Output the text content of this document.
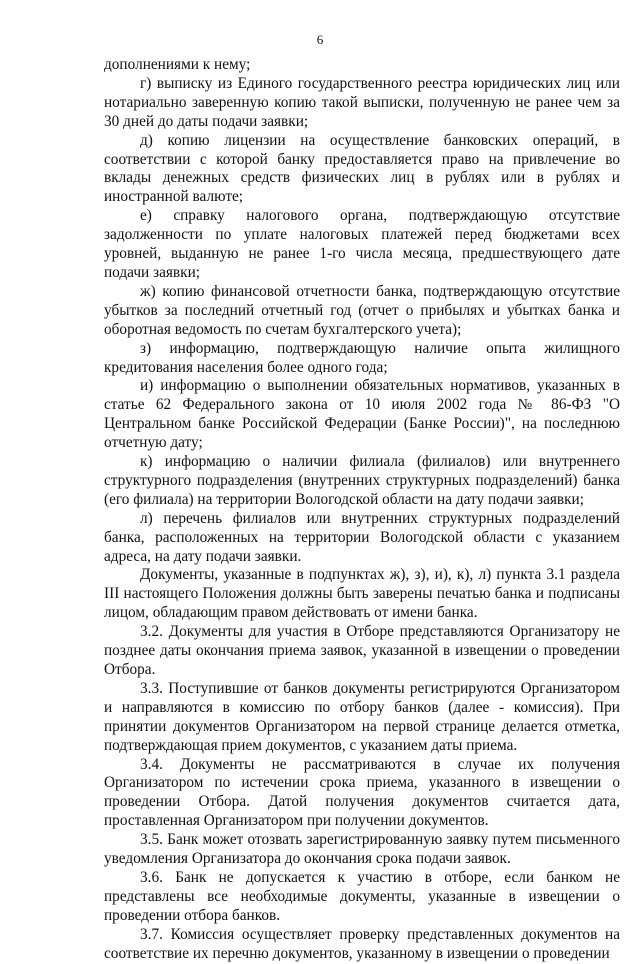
6

дополнениями к нему;

г) выписку из Единого государственного реестра юридических лиц или нотариально заверенную копию такой выписки, полученную не ранее чем за 30 дней до даты подачи заявки;

д) копию лицензии на осуществление банковских операций, в соответствии с которой банку предоставляется право на привлечение во вклады денежных средств физических лиц в рублях или в рублях и иностранной валюте;

е) справку налогового органа, подтверждающую отсутствие задолженности по уплате налоговых платежей перед бюджетами всех уровней, выданную не ранее 1-го числа месяца, предшествующего дате подачи заявки;

ж) копию финансовой отчетности банка, подтверждающую отсутствие убытков за последний отчетный год (отчет о прибылях и убытках банка и оборотная ведомость по счетам бухгалтерского учета);

з) информацию, подтверждающую наличие опыта жилищного кредитования населения более одного года;

и) информацию о выполнении обязательных нормативов, указанных в статье 62 Федерального закона от 10 июля 2002 года № 86-ФЗ "О Центральном банке Российской Федерации (Банке России)", на последнюю отчетную дату;

к) информацию о наличии филиала (филиалов) или внутреннего структурного подразделения (внутренних структурных подразделений) банка (его филиала) на территории Вологодской области на дату подачи заявки;

л) перечень филиалов или внутренних структурных подразделений банка, расположенных на территории Вологодской области с указанием адреса, на дату подачи заявки.

Документы, указанные в подпунктах ж), з), и), к), л) пункта 3.1 раздела III настоящего Положения должны быть заверены печатью банка и подписаны лицом, обладающим правом действовать от имени банка.

3.2. Документы для участия в Отборе представляются Организатору не позднее даты окончания приема заявок, указанной в извещении о проведении Отбора.

3.3. Поступившие от банков документы регистрируются Организатором и направляются в комиссию по отбору банков (далее - комиссия). При принятии документов Организатором на первой странице делается отметка, подтверждающая прием документов, с указанием даты приема.

3.4. Документы не рассматриваются в случае их получения Организатором по истечении срока приема, указанного в извещении о проведении Отбора. Датой получения документов считается дата, проставленная Организатором при получении документов.

3.5. Банк может отозвать зарегистрированную заявку путем письменного уведомления Организатора до окончания срока подачи заявок.

3.6. Банк не допускается к участию в отборе, если банком не представлены все необходимые документы, указанные в извещении о проведении отбора банков.

3.7. Комиссия осуществляет проверку представленных документов на соответствие их перечню документов, указанному в извещении о проведении
